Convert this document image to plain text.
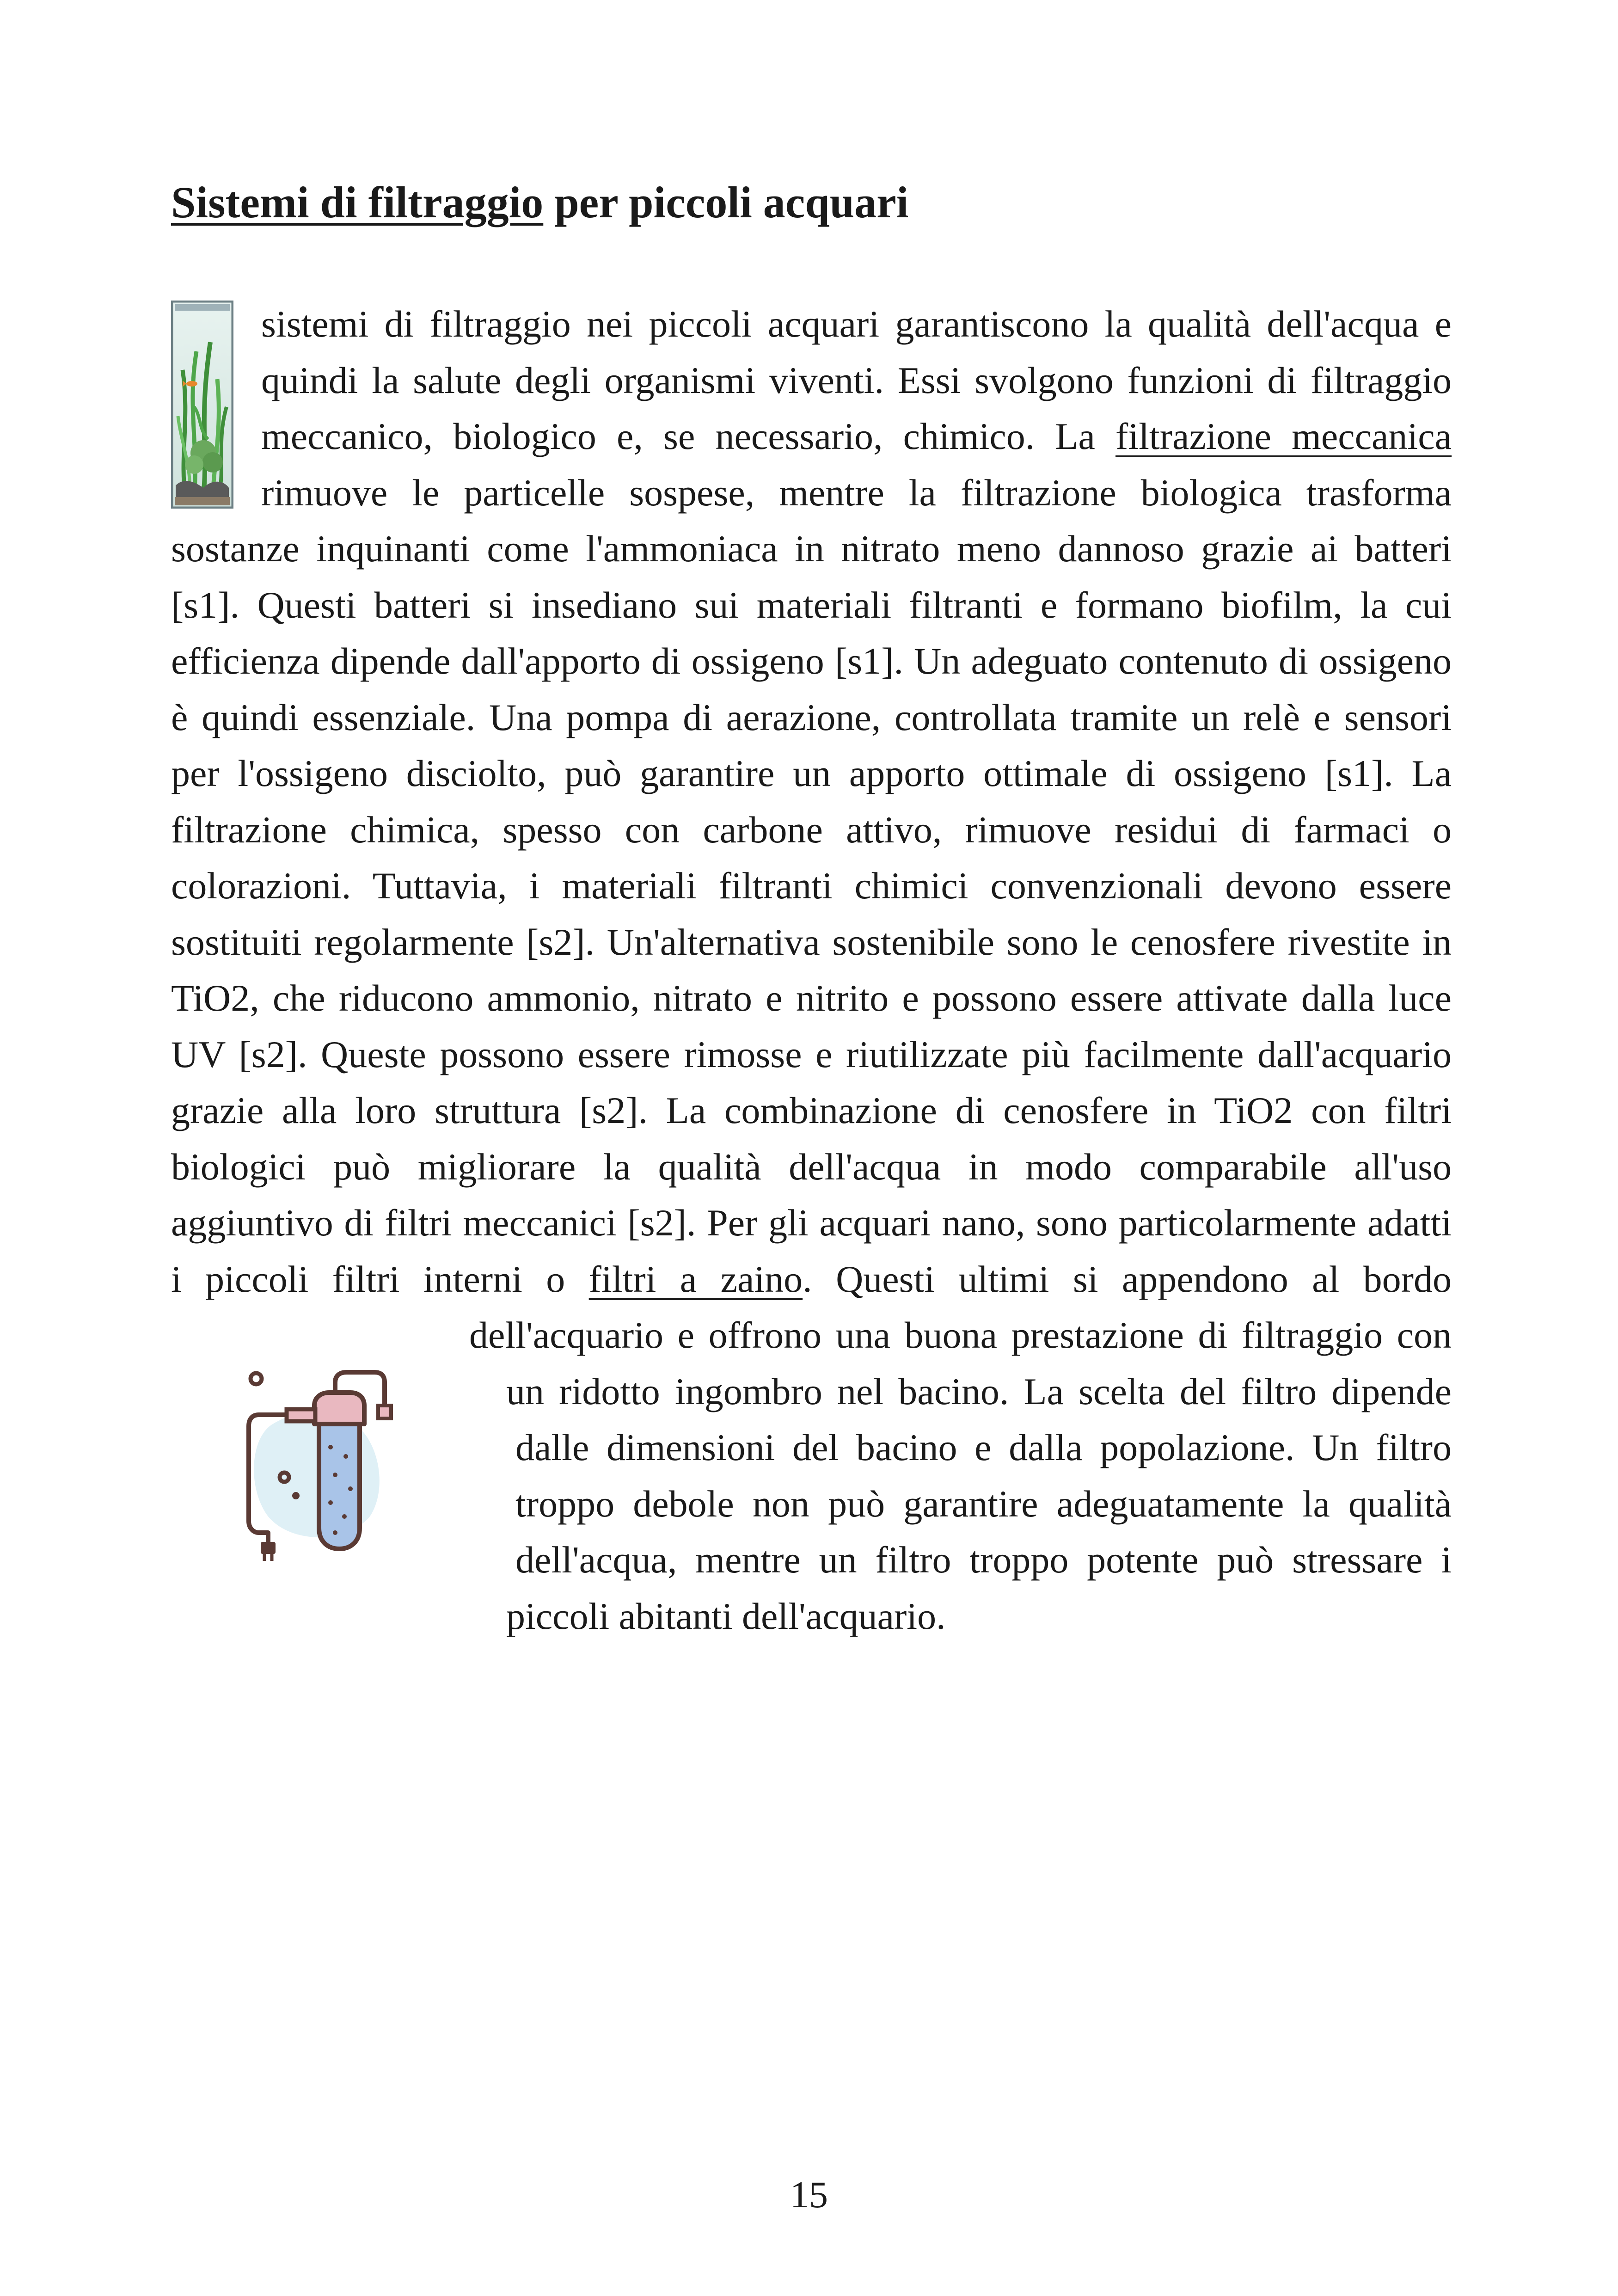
Sistemi di filtraggio per piccoli acquari
sistemi di filtraggio nei piccoli acquari garantiscono la qualità dell'acqua e quindi la salute degli organismi viventi. Essi svolgono funzioni di filtraggio meccanico, biologico e, se necessario, chimico. La filtrazione meccanica rimuove le particelle sospese, mentre la filtrazione biologica trasforma sostanze inquinanti come l'ammoniaca in nitrato meno dannoso grazie ai batteri [s1]. Questi batteri si insediano sui materiali filtranti e formano biofilm, la cui efficienza dipende dall'apporto di ossigeno [s1]. Un adeguato contenuto di ossigeno è quindi essenziale. Una pompa di aerazione, controllata tramite un relè e sensori per l'ossigeno disciolto, può garantire un apporto ottimale di ossigeno [s1]. La filtrazione chimica, spesso con carbone attivo, rimuove residui di farmaci o colorazioni. Tuttavia, i materiali filtranti chimici convenzionali devono essere sostituiti regolarmente [s2]. Un'alternativa sostenibile sono le cenosfere rivestite in TiO2, che riducono ammonio, nitrato e nitrito e possono essere attivate dalla luce UV [s2]. Queste possono essere rimosse e riutilizzate più facilmente dall'acquario grazie alla loro struttura [s2]. La combinazione di cenosfere in TiO2 con filtri biologici può migliorare la qualità dell'acqua in modo comparabile all'uso aggiuntivo di filtri meccanici [s2]. Per gli acquari nano, sono particolarmente adatti i piccoli filtri interni o filtri a zaino. Questi ultimi si appendono al bordo dell'acquario e offrono una buona prestazione di filtraggio con un ridotto ingombro nel bacino. La scelta del filtro dipende dalle dimensioni del bacino e dalla popolazione. Un filtro troppo debole non può garantire adeguatamente la qualità dell'acqua, mentre un filtro troppo potente può stressare i piccoli abitanti dell'acquario.
15
